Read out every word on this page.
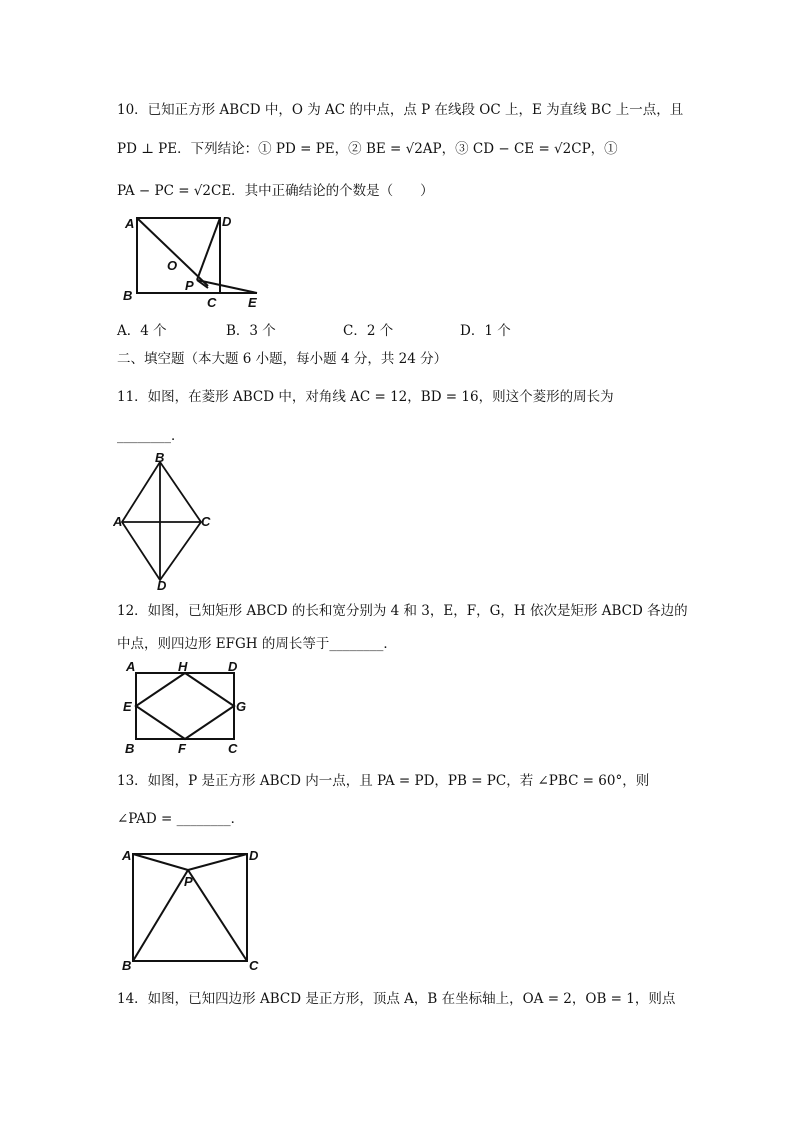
10．已知正方形 ABCD 中，O 为 AC 的中点，点 P 在线段 OC 上，E 为直线 BC 上一点，且
PD ⊥ PE．下列结论：① PD = PE，② BE = √2AP，③ CD − CE = √2CP，①
PA − PC = √2CE．其中正确结论的个数是（　　）
A	D
B
O
P
C E
A．4 个	B．3 个	C．2 个	D．1 个
二、填空题（本大题 6 小题，每小题 4 分，共 24 分）
11．如图，在菱形 ABCD 中，对角线 AC = 12，BD = 16，则这个菱形的周长为
________．
B
A	C
D
12．如图，已知矩形 ABCD 的长和宽分别为 4 和 3，E，F，G，H 依次是矩形 ABCD 各边的
中点，则四边形 EFGH 的周长等于________．
A	H	D
E	G
B	F	C
13．如图，P 是正方形 ABCD 内一点，且 PA = PD，PB = PC，若 ∠PBC = 60°，则
∠PAD = ________．
A	D
P
B	C
14．如图，已知四边形 ABCD 是正方形，顶点 A，B 在坐标轴上，OA = 2，OB = 1，则点
